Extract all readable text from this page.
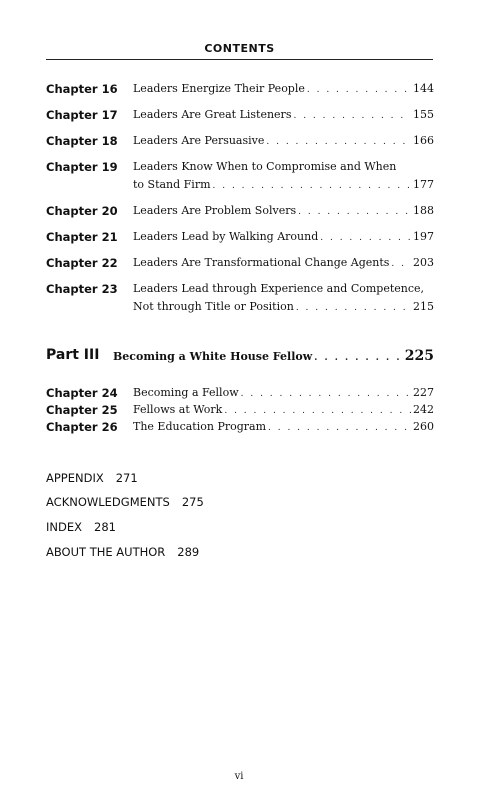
CONTENTS
Chapter 16 Leaders Energize Their People . . .	144
Chapter 17 Leaders Are Great Listeners . . .	155
Chapter 18 Leaders Are Persuasive . . .	166
Chapter 19 Leaders Know When to Compromise and When
to Stand Firm . . .	177
Chapter 20 Leaders Are Problem Solvers . . .	188
Chapter 21 Leaders Lead by Walking Around . . .	197
Chapter 22 Leaders Are Transformational Change Agents . . . 203
Chapter 23 Leaders Lead through Experience and Competence,
Not through Title or Position . . .	215
Part III Becoming a White House Fellow . . .	225
Chapter 24 Becoming a Fellow . . .	227
Chapter 25 Fellows at Work . . .	242
Chapter 26 The Education Program . . .	260
APPENDIX 271
ACKNOWLEDGMENTS 275
INDEX 281
ABOUT THE AUTHOR 289
vi
